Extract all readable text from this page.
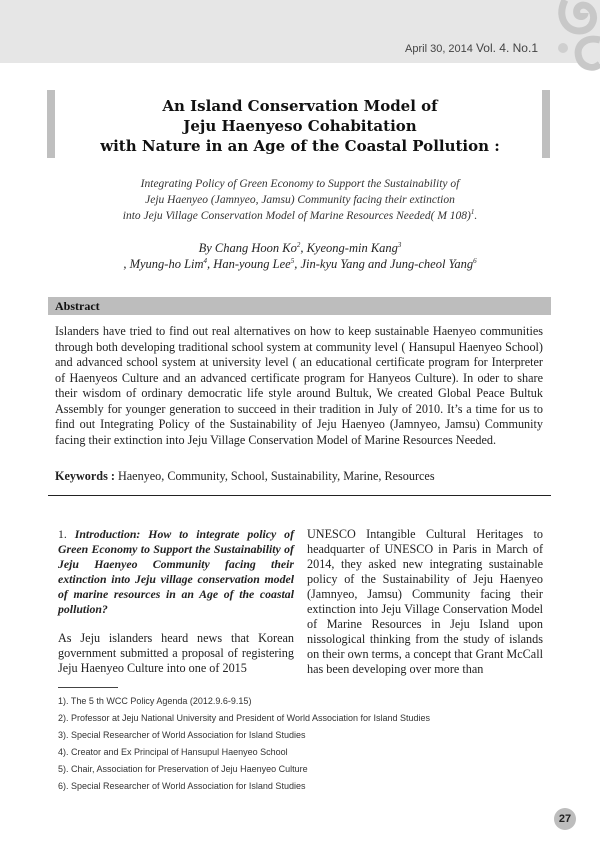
April 30, 2014 Vol. 4. No.1
An Island Conservation Model of
Jeju Haenyeso Cohabitation
with Nature in an Age of the Coastal Pollution :
Integrating Policy of Green Economy to Support the Sustainability of
Jeju Haenyeo (Jamnyeo, Jamsu) Community facing their extinction
into Jeju Village Conservation Model of Marine Resources Needed( M 108)$^1$.
By Chang Hoon Ko$^2$, Kyeong-min Kang$^3$
, Myung-ho Lim$^4$, Han-young Lee$^5$, Jin-kyu Yang and Jung-cheol Yang$^6$
Abstract
Islanders have tried to find out real alternatives on how to keep sustainable Haenyeo communities through both developing traditional school system at community level ( Hansupul Haenyeo School) and advanced school system at university level ( an educational certificate program for Interpreter of Haenyeos Culture and an advanced certificate program for Hanyeos Culture). In oder to share their wisdom of ordinary democratic life style around Bultuk, We created Global Peace Bultuk Assembly for younger generation to succeed in their tradition in July of 2010. It’s a time for us to find out Integrating Policy of the Sustainability of Jeju Haenyeo (Jamnyeo, Jamsu) Community facing their extinction into Jeju Village Conservation Model of Marine Resources Needed.
Keywords : Haenyeo, Community, School, Sustainability, Marine, Resources
1. Introduction: How to integrate policy of Green Economy to Support the Sustainability of Jeju Haenyeo Community facing their extinction into Jeju village conservation model of marine resources in an Age of the coastal pollution?
As Jeju islanders heard news that Korean government submitted a proposal of registering Jeju Haenyeo Culture into one of 2015
UNESCO Intangible Cultural Heritages to headquarter of UNESCO in Paris in March of 2014, they asked new integrating sustainable policy of the Sustainability of Jeju Haenyeo (Jamnyeo, Jamsu) Community facing their extinction into Jeju Village Conservation Model of Marine Resources in Jeju Island upon nissological thinking from the study of islands on their own terms, a concept that Grant McCall has been developing over more than
1). The 5 th WCC Policy Agenda (2012.9.6-9.15)
2). Professor at Jeju National University and President of World Association for Island Studies
3). Special Researcher of World Association for Island Studies
4). Creator and Ex Principal of Hansupul Haenyeo School
5). Chair, Association for Preservation of Jeju Haenyeo Culture
6). Special Researcher of World Association for Island Studies
27
